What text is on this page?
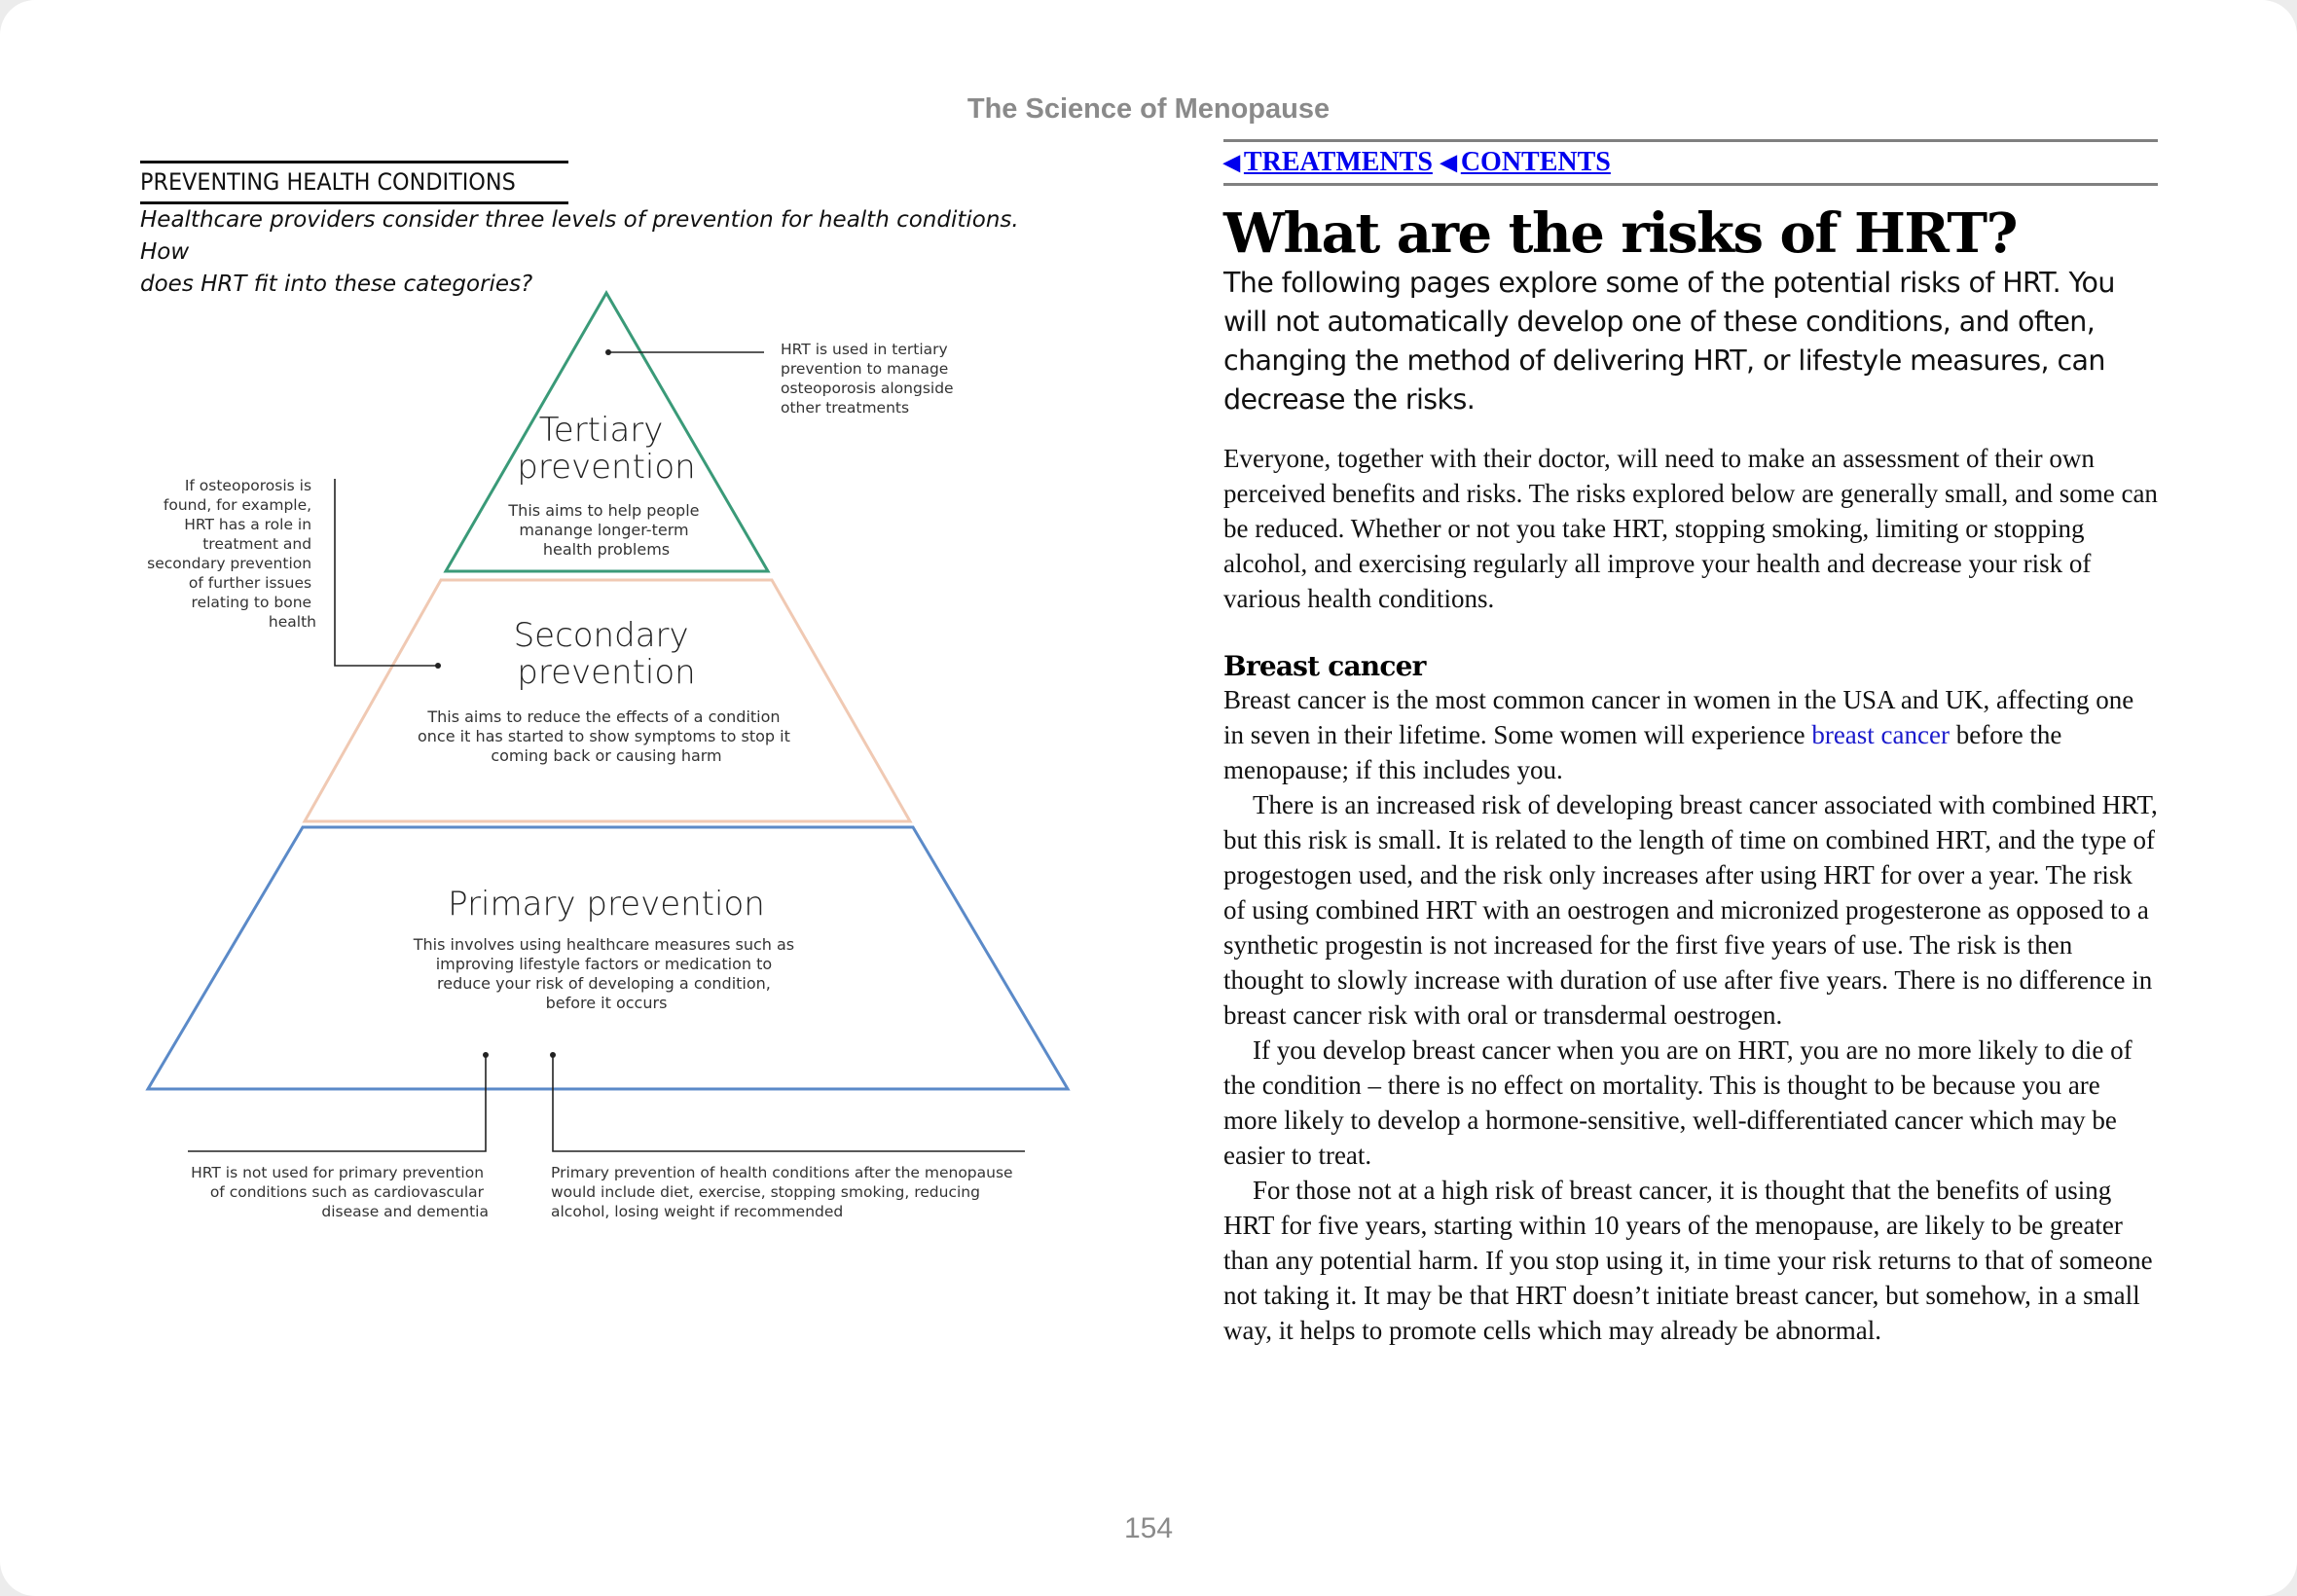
The Science of Menopause
PREVENTING HEALTH CONDITIONS
Healthcare providers consider three levels of prevention for health conditions. How
does HRT fit into these categories?
Tertiary prevention
This aims to help people manange longer-term health problems
Secondary prevention
This aims to reduce the effects of a condition once it has started to show symptoms to stop it coming back or causing harm
Primary prevention
This involves using healthcare measures such as improving lifestyle factors or medication to reduce your risk of developing a condition, before it occurs
HRT is used in tertiary prevention to manage osteoporosis alongside other treatments
If osteoporosis is found, for example, HRT has a role in treatment and secondary prevention of further issues relating to bone health
HRT is not used for primary prevention of conditions such as cardiovascular disease and dementia
Primary prevention of health conditions after the menopause would include diet, exercise, stopping smoking, reducing alcohol, losing weight if recommended
◀ TREATMENTS ◀ CONTENTS
What are the risks of HRT?

The following pages explore some of the potential risks of HRT. You will not automatically develop one of these conditions, and often, changing the method of delivering HRT, or lifestyle measures, can decrease the risks.

Everyone, together with their doctor, will need to make an assessment of their own perceived benefits and risks. The risks explored below are generally small, and some can be reduced. Whether or not you take HRT, stopping smoking, limiting or stopping alcohol, and exercising regularly all improve your health and decrease your risk of various health conditions.

Breast cancer

Breast cancer is the most common cancer in women in the USA and UK, affecting one in seven in their lifetime. Some women will experience breast cancer before the menopause; if this includes you.

There is an increased risk of developing breast cancer associated with combined HRT, but this risk is small. It is related to the length of time on combined HRT, and the type of progestogen used, and the risk only increases after using HRT for over a year. The risk of using combined HRT with an oestrogen and micronized progesterone as opposed to a synthetic progestin is not increased for the first five years of use. The risk is then thought to slowly increase with duration of use after five years. There is no difference in breast cancer risk with oral or transdermal oestrogen.

If you develop breast cancer when you are on HRT, you are no more likely to die of the condition – there is no effect on mortality. This is thought to be because you are more likely to develop a hormone-sensitive, well-differentiated cancer which may be easier to treat.

For those not at a high risk of breast cancer, it is thought that the benefits of using HRT for five years, starting within 10 years of the menopause, are likely to be greater than any potential harm. If you stop using it, in time your risk returns to that of someone not taking it. It may be that HRT doesn’t initiate breast cancer, but somehow, in a small way, it helps to promote cells which may already be abnormal.

154
